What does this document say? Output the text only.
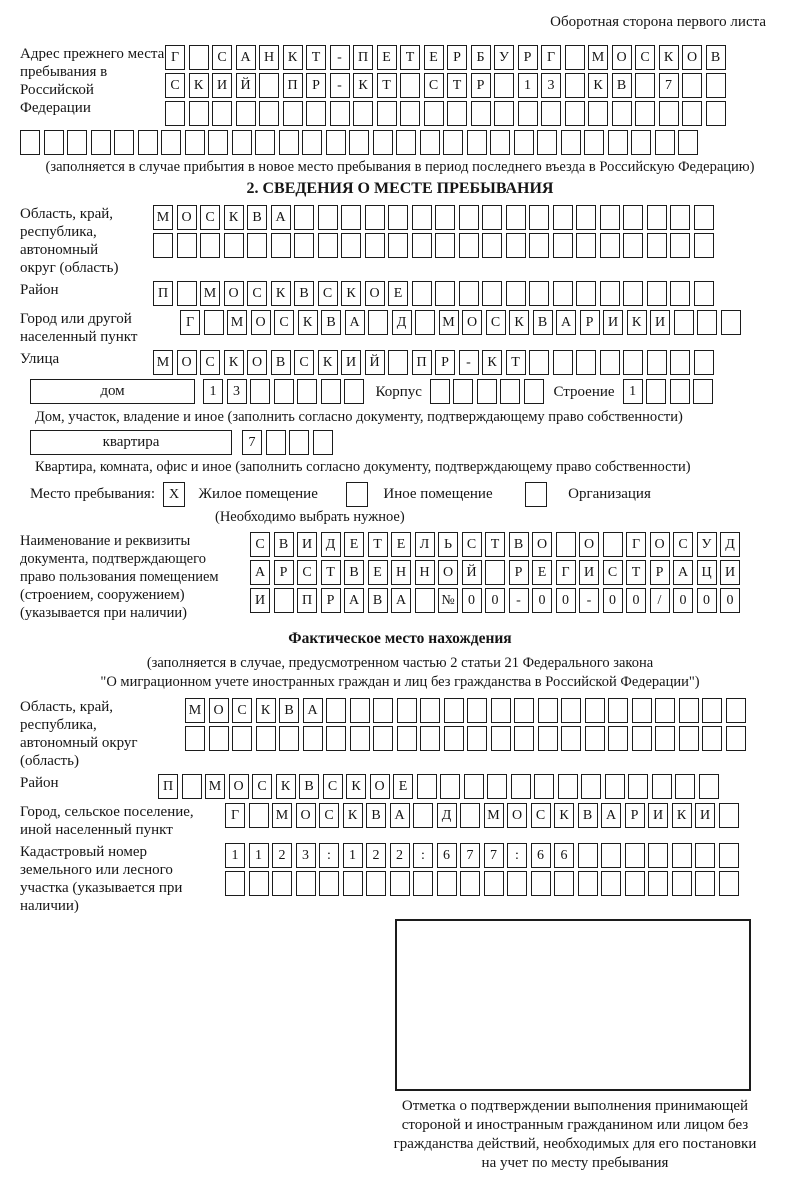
Оборотная сторона первого листа
Адрес прежнего места пребывания в Российской Федерации
Г	С А Н К	Т	-	П	Е	Т	Е	Р	Б	У	Р	Г	М О С	К О В
С	К И Й	П	Р	-	К	Т	С	Т	Р	1	3	К	В	7
(заполняется в случае прибытия в новое место пребывания в период последнего въезда в Российскую Федерацию)
2. СВЕДЕНИЯ О МЕСТЕ ПРЕБЫВАНИЯ
Область, край, республика, автономный округ (область)
М О С	К	В А
Район	П	М О С	К	В	С	К О	Е
Город или другой населенный пункт
Г	М О С	К	В А	Д	М О С	К	В А	Р	И К И
Улица	М О С	К О В	С	К И Й	П	Р	-	К	Т
дом	1	3	Корпус	Строение	1
Дом, участок, владение и иное (заполнить согласно документу, подтверждающему право собственности)
квартира	7
Квартира, комната, офис и иное (заполнить согласно документу, подтверждающему право собственности)
Место пребывания: X	Жилое помещение	Иное помещение	Организация
(Необходимо выбрать нужное)
Наименование и реквизиты документа, подтверждающего право пользования помещением (строением, сооружением) (указывается при наличии)
С	В И Д	Е	Т	Е	Л	Ь	С	Т	В О	О	Г	О С У Д
А	Р	С	Т	В	Е	Н Н О Й	Р	Е	Г	И С	Т	Р	А Ц И
И	П	Р	А В А	№ 0	0	-	0	0	-	0	0	/	0	0	0
Фактическое место нахождения
(заполняется в случае, предусмотренном частью 2 статьи 21 Федерального закона
"О миграционном учете иностранных граждан и лиц без гражданства в Российской Федерации")
Область, край, республика, автономный округ (область)
М О С	К	В А
Район	П	М О С	К	В	С	К О	Е
Город, сельское поселение, иной населенный пункт
Г	М О С	К	В А	Д	М О С	К	В А	Р	И К И
Кадастровый номер земельного или лесного участка (указывается при наличии)
1	1	2	3	:	1	2	2	:	6	7	7	:	6	6
Отметка о подтверждении выполнения принимающей
стороной и иностранным гражданином или лицом без
гражданства действий, необходимых для его постановки
на учет по месту пребывания
